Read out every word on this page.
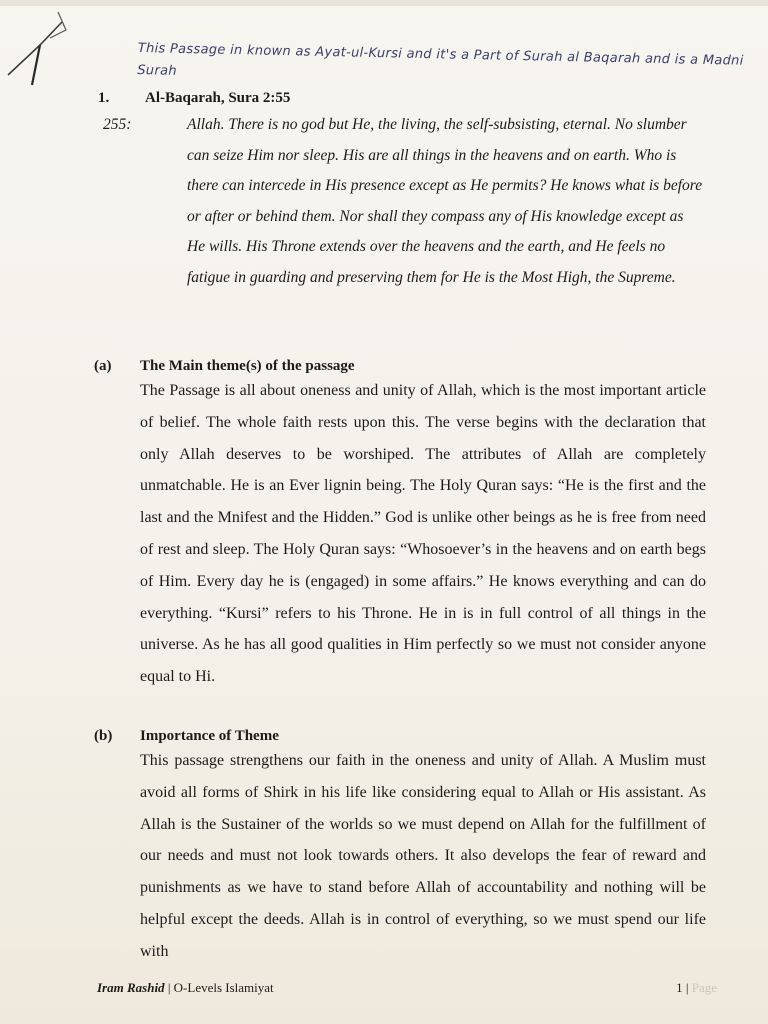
This Passage in known as Ayat-ul-Kursi and it's a Part of Surah al Baqarah and is a Madni Surah
1. Al-Baqarah, Sura 2:55
255:	Allah. There is no god but He, the living, the self-subsisting, eternal. No slumber can seize Him nor sleep. His are all things in the heavens and on earth. Who is there can intercede in His presence except as He permits? He knows what is before or after or behind them. Nor shall they compass any of His knowledge except as He wills. His Throne extends over the heavens and the earth, and He feels no fatigue in guarding and preserving them for He is the Most High, the Supreme.
(a) The Main theme(s) of the passage
The Passage is all about oneness and unity of Allah, which is the most important article of belief. The whole faith rests upon this. The verse begins with the declaration that only Allah deserves to be worshiped. The attributes of Allah are completely unmatchable. He is an Ever lignin being. The Holy Quran says: “He is the first and the last and the Mnifest and the Hidden.” God is unlike other beings as he is free from need of rest and sleep. The Holy Quran says: “Whosoever’s in the heavens and on earth begs of Him. Every day he is (engaged) in some affairs.” He knows everything and can do everything. “Kursi” refers to his Throne. He in is in full control of all things in the universe. As he has all good qualities in Him perfectly so we must not consider anyone equal to Hi.
(b) Importance of Theme
This passage strengthens our faith in the oneness and unity of Allah. A Muslim must avoid all forms of Shirk in his life like considering equal to Allah or His assistant. As Allah is the Sustainer of the worlds so we must depend on Allah for the fulfillment of our needs and must not look towards others. It also develops the fear of reward and punishments as we have to stand before Allah of accountability and nothing will be helpful except the deeds. Allah is in control of everything, so we must spend our life with
Iram Rashid | O-Levels Islamiyat	1 | Page
